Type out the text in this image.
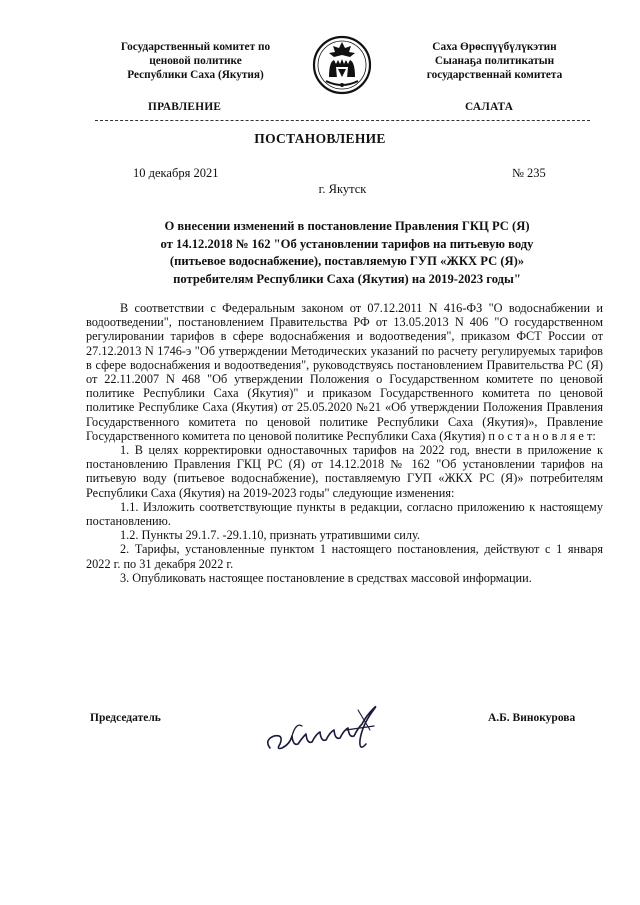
Государственный комитет по
ценовой политике
Республики Саха (Якутия)
Саха Өрөспүүбүлүкэтин
Сыанаҕа политикатын
государственнай комитета
ПРАВЛЕНИЕ	САЛАТА
ПОСТАНОВЛЕНИЕ
10 декабря 2021	№ 235
г. Якутск
О внесении изменений в постановление Правления ГКЦ РС (Я)
от 14.12.2018 № 162 "Об установлении тарифов на питьевую воду
(питьевое водоснабжение), поставляемую ГУП «ЖКХ РС (Я)»
потребителям Республики Саха (Якутия) на 2019-2023 годы"

В соответствии с Федеральным законом от 07.12.2011 N 416-ФЗ "О водоснабжении и водоотведении", постановлением Правительства РФ от 13.05.2013 N 406 "О государственном регулировании тарифов в сфере водоснабжения и водоотведения", приказом ФСТ России от 27.12.2013 N 1746-э "Об утверждении Методических указаний по расчету регулируемых тарифов в сфере водоснабжения и водоотведения", руководствуясь постановлением Правительства РС (Я) от 22.11.2007 N 468 "Об утверждении Положения о Государственном комитете по ценовой политике Республики Саха (Якутия)" и приказом Государственного комитета по ценовой политике Республике Саха (Якутия) от 25.05.2020 №21 «Об утверждении Положения Правления Государственного комитета по ценовой политике Республики Саха (Якутия)», Правление Государственного комитета по ценовой политике Республики Саха (Якутия) п о с т а н о в л я е т:

1. В целях корректировки одноставочных тарифов на 2022 год, внести в приложение к постановлению Правления ГКЦ РС (Я) от 14.12.2018 № 162 "Об установлении тарифов на питьевую воду (питьевое водоснабжение), поставляемую ГУП «ЖКХ РС (Я)» потребителям Республики Саха (Якутия) на 2019-2023 годы" следующие изменения:

1.1. Изложить соответствующие пункты в редакции, согласно приложению к настоящему постановлению.

1.2. Пункты 29.1.7. -29.1.10, признать утратившими силу.

2. Тарифы, установленные пунктом 1 настоящего постановления, действуют с 1 января 2022 г. по 31 декабря 2022 г.

3. Опубликовать настоящее постановление в средствах массовой информации.

Председатель	А.Б. Винокурова
